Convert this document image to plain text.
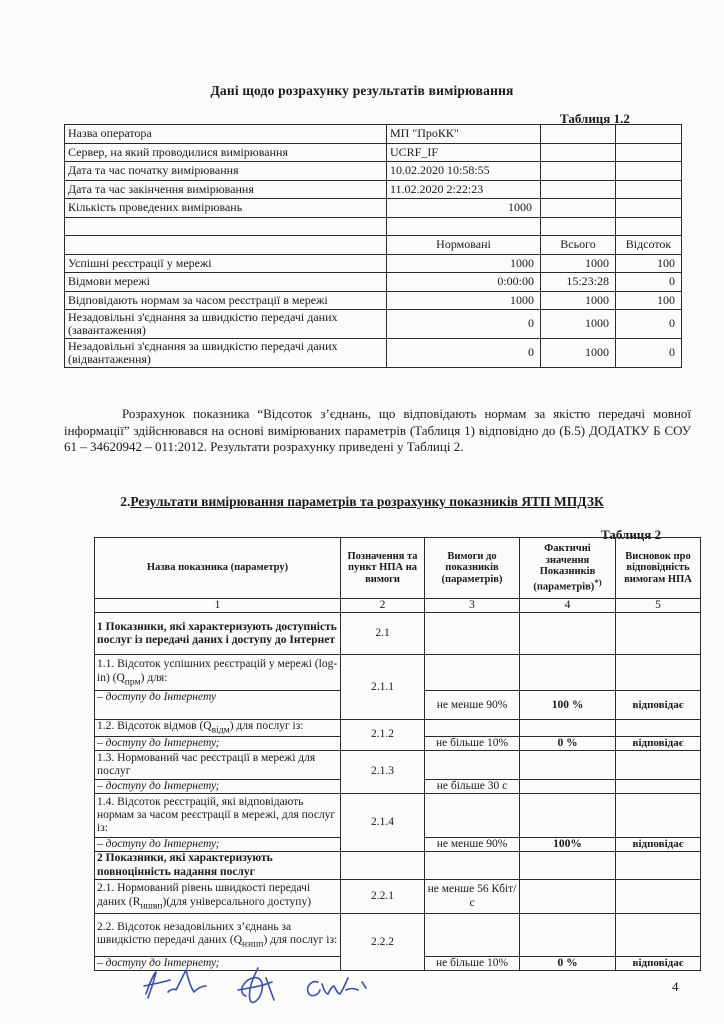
Дані щодо розрахунку результатів вимірювання
Таблиця 1.2
Назва оператора	МП "ПроКК"		
Сервер, на який проводилися вимірювання	UCRF_IF		
Дата та час початку вимірювання	10.02.2020 10:58:55		
Дата та час закінчення вимірювання	11.02.2020 2:22:23		
Кількість проведених вимірювань	1000		

	Нормовані	Всього	Відсоток
Успішні реєстрації у мережі	1000	1000	100
Відмови мережі	0:00:00	15:23:28	0
Відповідають нормам за часом реєстрації в мережі	1000	1000	100
Незадовільні з'єднання за швидкістю передачі даних (завантаження)	0	1000	0
Незадовільні з'єднання за швидкістю передачі даних (відвантаження)	0	1000	0
Розрахунок показника “Відсоток з’єднань, що відповідають нормам за якістю передачі мовної інформації” здійснювався на основі вимірюваних параметрів (Таблиця 1) відповідно до (Б.5) ДОДАТКУ Б СОУ 61 – 34620942 – 011:2012. Результати розрахунку приведені у Таблиці 2.
2.Результати вимірювання параметрів та розрахунку показників ЯТП МПДЗК
Таблиця 2
Назва показника (параметру)	Позначення та пункт НПА на вимоги	Вимоги до показників (параметрів)	Фактичні значення Показників (параметрів)*)	Висновок про відповідність вимогам НПА
1	2	3	4	5
1 Показники, які характеризують доступність послуг із передачі даних і доступу до Інтернет	2.1			
1.1. Відсоток успішних реєстрацій у мережі (log-in) $(Q_{прм})$ для:	2.1.1			
– доступу до Інтернету		не менше 90%	100 %	відповідає
1.2. Відсоток відмов $(Q_{відм})$ для послуг із:	2.1.2			
– доступу до Інтернету;		не більше 10%	0 %	відповідає
1.3. Нормований час реєстрації в мережі для послуг	2.1.3			
– доступу до Інтернету;		не більше 30 с		
1.4. Відсоток реєстрацій, які відповідають нормам за часом реєстрації в мережі, для послуг із:	2.1.4			
– доступу до Інтернету;		не менше 90%	100%	відповідає
2 Показники, які характеризують повноцінність надання послуг				
2.1. Нормований рівень швидкості передачі даних $(R_{ншвп})(для$ універсального доступу)	2.2.1	не менше 56 Кбіт/с		
2.2. Відсоток незадовільних з’єднань за швидкістю передачі даних $(Q_{нзшп})$ для послуг із:	2.2.2			
– доступу до Інтернету;		не більше 10%	0 %	відповідає
4
